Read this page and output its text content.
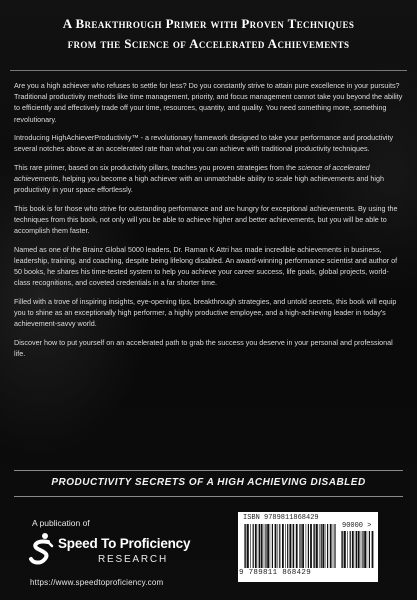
A Breakthrough Primer with Proven Techniques
from the Science of Accelerated Achievements

Are you a high achiever who refuses to settle for less? Do you constantly strive to attain pure excellence in your pursuits? Traditional productivity methods like time management, priority, and focus management cannot take you beyond the ability to efficiently and effectively trade off your time, resources, quantity, and quality. You need something more, something revolutionary.

Introducing HighAchieverProductivity™ - a revolutionary framework designed to take your performance and productivity several notches above at an accelerated rate than what you can achieve with traditional productivity techniques.

This rare primer, based on six productivity pillars, teaches you proven strategies from the science of accelerated achievements, helping you become a high achiever with an unmatchable ability to scale high achievements and high productivity in your space effortlessly.

This book is for those who strive for outstanding performance and are hungry for exceptional achievements. By using the techniques from this book, not only will you be able to achieve higher and better achievements, but you will be able to accomplish them faster.

Named as one of the Brainz Global 5000 leaders, Dr. Raman K Attri has made incredible achievements in business, leadership, training, and coaching, despite being lifelong disabled. An award-winning performance scientist and author of 50 books, he shares his time-tested system to help you achieve your career success, life goals, global projects, world-class recognitions, and coveted credentials in a far shorter time.

Filled with a trove of inspiring insights, eye-opening tips, breakthrough strategies, and untold secrets, this book will equip you to shine as an exceptionally high performer, a highly productive employee, and a high-achieving leader in today's achievement-savvy world.

Discover how to put yourself on an accelerated path to grab the success you deserve in your personal and professional life.

PRODUCTIVITY SECRETS OF A HIGH ACHIEVING DISABLED
A publication of
Speed To Proficiency
RESEARCH
https://www.speedtoproficiency.com
ISBN 9789811868429
90000 >
9 789811 868429
